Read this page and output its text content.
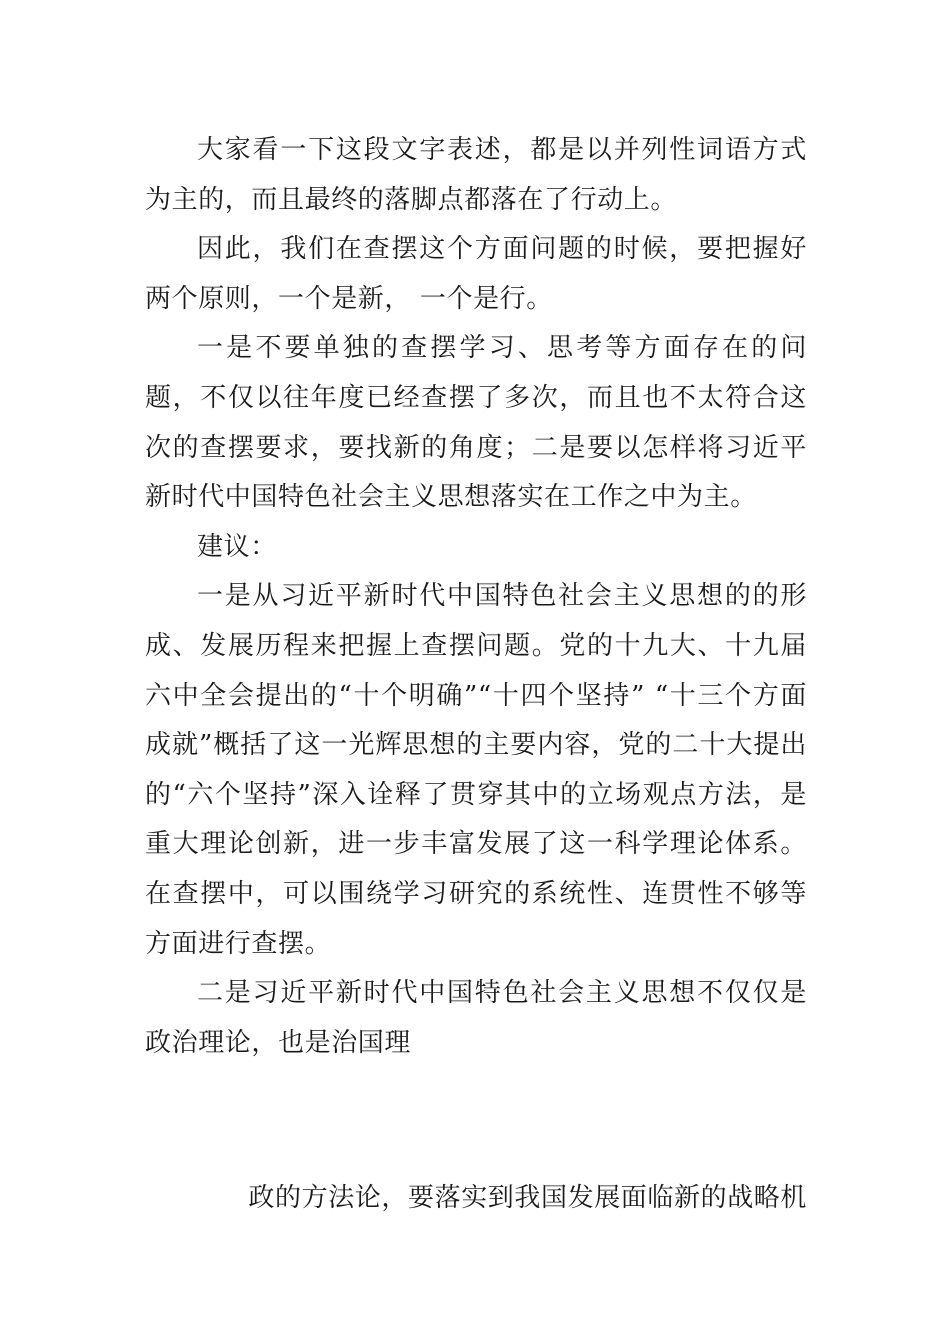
大家看一下这段文字表述，都是以并列性词语方式为主的，而且最终的落脚点都落在了行动上。

因此，我们在查摆这个方面问题的时候，要把握好两个原则，一个是新， 一个是行。

一是不要单独的查摆学习、思考等方面存在的问题，不仅以往年度已经查摆了多次，而且也不太符合这次的查摆要求，要找新的角度；二是要以怎样将习近平新时代中国特色社会主义思想落实在工作之中为主。

建议：

一是从习近平新时代中国特色社会主义思想的的形成、发展历程来把握上查摆问题。党的十九大、十九届六中全会提出的“十个明确”“十四个坚持” “十三个方面成就”概括了这一光辉思想的主要内容，党的二十大提出的“六个坚持”深入诠释了贯穿其中的立场观点方法，是重大理论创新，进一步丰富发展了这一科学理论体系。在查摆中，可以围绕学习研究的系统性、连贯性不够等方面进行查摆。

二是习近平新时代中国特色社会主义思想不仅仅是政治理论，也是治国理

政的方法论，要落实到我国发展面临新的战略机
